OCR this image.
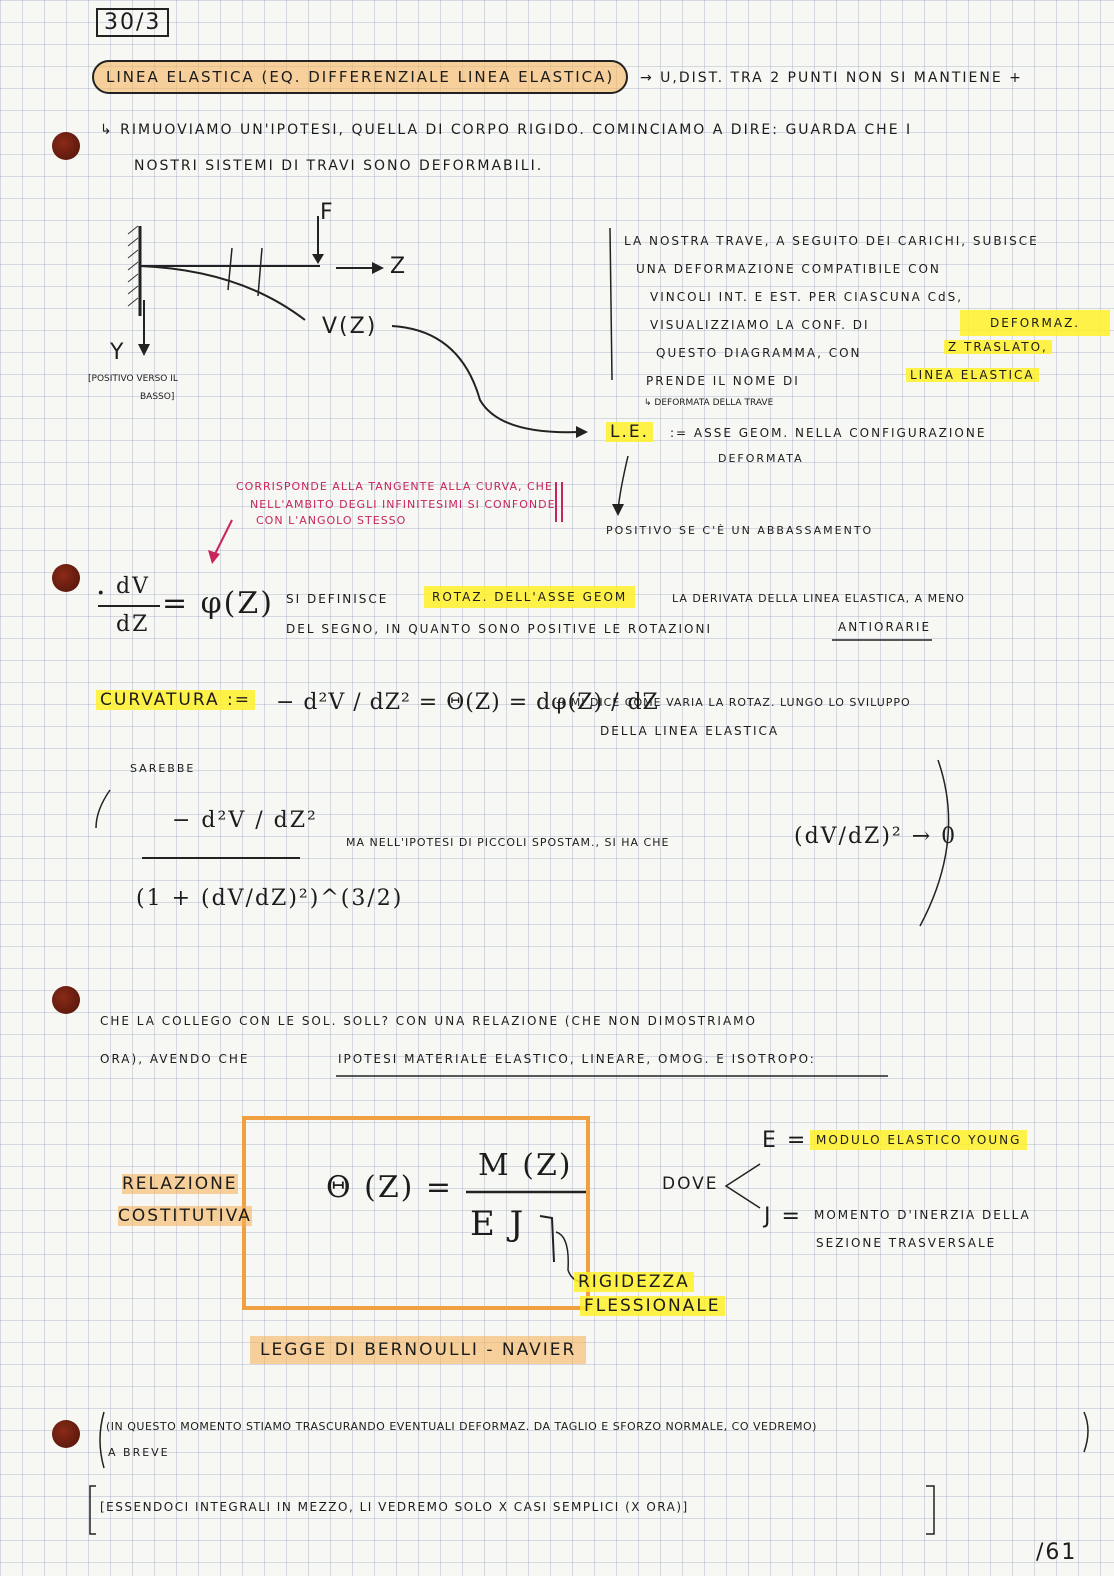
30/3
LINEA ELASTICA (EQ. DIFFERENZIALE LINEA ELASTICA)	→ U,DIST. TRA 2 PUNTI NON SI MANTIENE +
↳ RIMUOVIAMO UN'IPOTESI, QUELLA DI CORPO RIGIDO. COMINCIAMO A DIRE: GUARDA CHE I
NOSTRI SISTEMI DI TRAVI SONO DEFORMABILI.
F
Z
V(Z)
Y
[POSITIVO VERSO IL
BASSO]
LA NOSTRA TRAVE, A SEGUITO DEI CARICHI, SUBISCE
UNA DEFORMAZIONE COMPATIBILE CON
VINCOLI INT. E EST. PER CIASCUNA CdS,
VISUALIZZIAMO LA CONF. DI	DEFORMAZ.
QUESTO DIAGRAMMA, CON	Z TRASLATO,
PRENDE IL NOME DI	LINEA ELASTICA
↳ DEFORMATA DELLA TRAVE
L.E.	:= ASSE GEOM. NELLA CONFIGURAZIONE
DEFORMATA
POSITIVO SE C'È UN ABBASSAMENTO
CORRISPONDE ALLA TANGENTE ALLA CURVA, CHE
NELL'AMBITO DEGLI INFINITESIMI SI CONFONDE
CON L'ANGOLO STESSO
· dV
dZ
= φ(Z) SI DEFINISCE	ROTAZ. DELL'ASSE GEOM	LA DERIVATA DELLA LINEA ELASTICA, A MENO
DEL SEGNO, IN QUANTO SONO POSITIVE LE ROTAZIONI	ANTIORARIE
CURVATURA := − d²V / dZ² = Θ(Z) = dφ(Z) / dZ
→ MI DICE COME VARIA LA ROTAZ. LUNGO LO SVILUPPO
DELLA LINEA ELASTICA
SAREBBE
− d²V / dZ²
(1 + (dV/dZ)²)^(3/2)
MA NELL'IPOTESI DI PICCOLI SPOSTAM., SI HA CHE	(dV/dZ)² → 0
CHE LA COLLEGO CON LE SOL. SOLL? CON UNA RELAZIONE (CHE NON DIMOSTRIAMO
ORA), AVENDO CHE	IPOTESI MATERIALE ELASTICO, LINEARE, OMOG. E ISOTROPO:
RELAZIONE
COSTITUTIVA
Θ (Z) =
M (Z)
E J
RIGIDEZZA
FLESSIONALE
DOVE
E = MODULO ELASTICO YOUNG
J = MOMENTO D'INERZIA DELLA
SEZIONE TRASVERSALE
LEGGE DI BERNOULLI - NAVIER
(IN QUESTO MOMENTO STIAMO TRASCURANDO EVENTUALI DEFORMAZ. DA TAGLIO E SFORZO NORMALE, CO VEDREMO)
A BREVE
[ESSENDOCI INTEGRALI IN MEZZO, LI VEDREMO SOLO X CASI SEMPLICI (X ORA)]
/61
